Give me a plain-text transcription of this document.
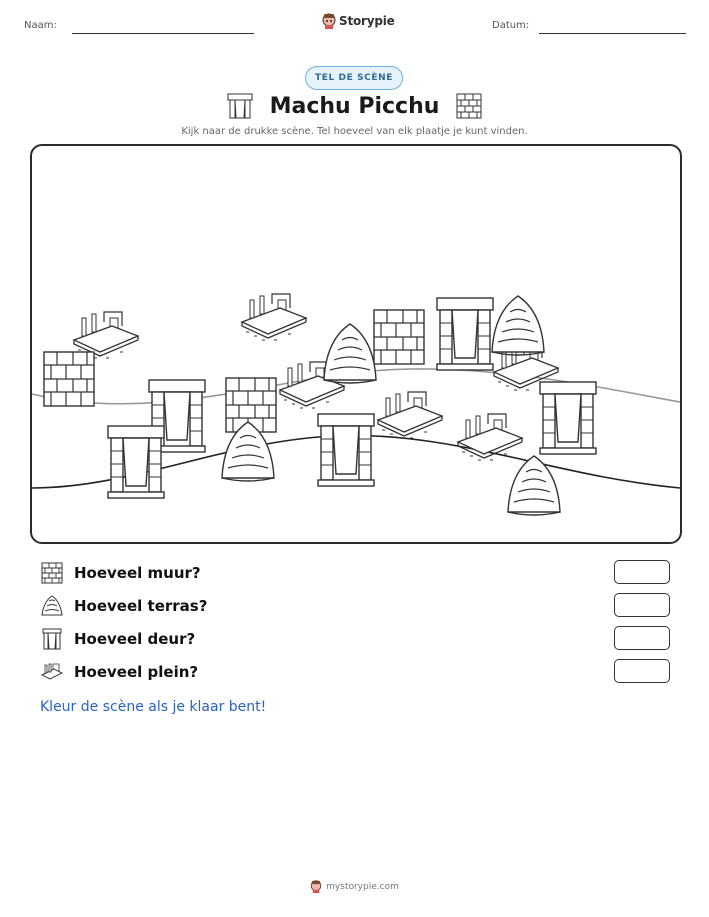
Naam:	Storypie	Datum:
TEL DE SCÈNE
Machu Picchu
Kijk naar de drukke scène. Tel hoeveel van elk plaatje je kunt vinden.
Hoeveel muur?
Hoeveel terras?
Hoeveel deur?
Hoeveel plein?
Kleur de scène als je klaar bent!
mystorypie.com
